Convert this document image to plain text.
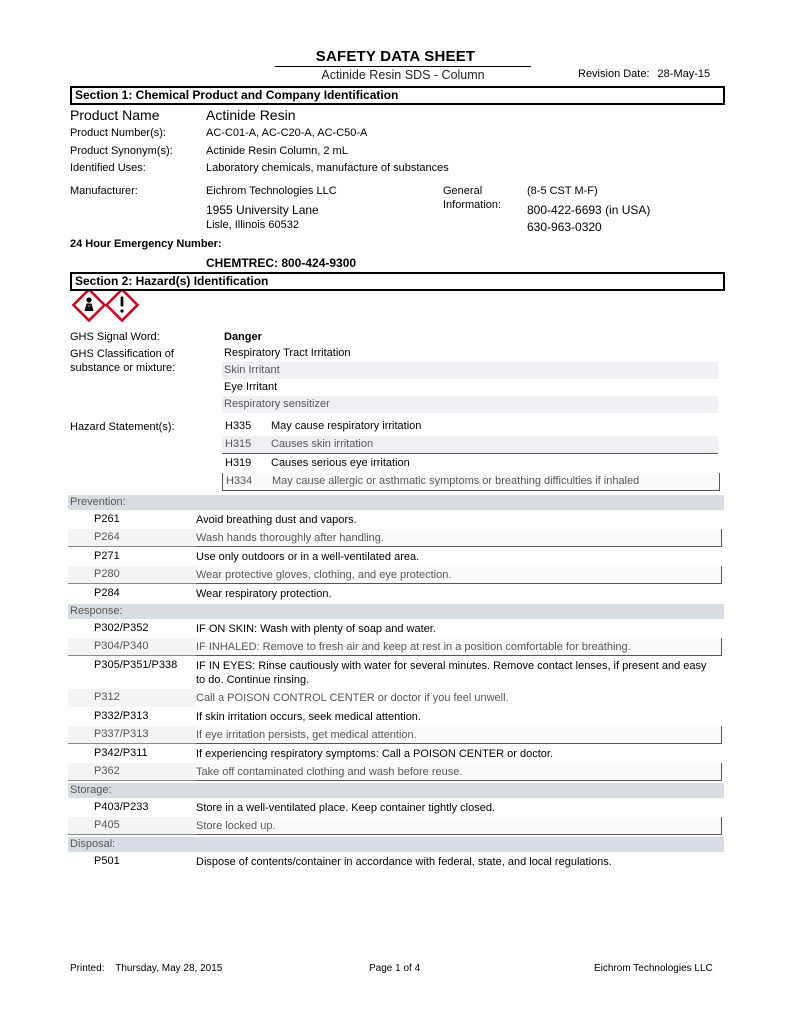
SAFETY DATA SHEET
Actinide Resin SDS - Column	Revision Date: 28-May-15
Section 1: Chemical Product and Company Identification
Product Name	Actinide Resin
Product Number(s):	AC-C01-A, AC-C20-A, AC-C50-A
Product Synonym(s):	Actinide Resin Column, 2 mL
Identified Uses:	Laboratory chemicals, manufacture of substances
Manufacturer:	Eichrom Technologies LLC
1955 University Lane
Lisle, Illinois 60532
General
Information:
(8-5 CST M-F)
800-422-6693 (in USA)
630-963-0320
24 Hour Emergency Number:
CHEMTREC: 800-424-9300
Section 2: Hazard(s) Identification
GHS Signal Word:	Danger
GHS Classification of
substance or mixture:
Respiratory Tract Irritation
Skin Irritant
Eye Irritant
Respiratory sensitizer
Hazard Statement(s):	H335 May cause respiratory irritation
H315 Causes skin irritation
H319 Causes serious eye irritation
H334 May cause allergic or asthmatic symptoms or breathing difficulties if inhaled
Prevention:
P261	Avoid breathing dust and vapors.
P264	Wash hands thoroughly after handling.
P271	Use only outdoors or in a well-ventilated area.
P280	Wear protective gloves, clothing, and eye protection.
P284	Wear respiratory protection.
Response:
P302/P352	IF ON SKIN: Wash with plenty of soap and water.
P304/P340	IF INHALED: Remove to fresh air and keep at rest in a position comfortable for breathing.
P305/P351/P338 IF IN EYES: Rinse cautiously with water for several minutes. Remove contact lenses, if present and easy to do. Continue rinsing.
P312	Call a POISON CONTROL CENTER or doctor if you feel unwell.
P332/P313	If skin irritation occurs, seek medical attention.
P337/P313	If eye irritation persists, get medical attention.
P342/P311	If experiencing respiratory symptoms: Call a POISON CENTER or doctor.
P362	Take off contaminated clothing and wash before reuse.
Storage:
P403/P233	Store in a well-ventilated place. Keep container tightly closed.
P405	Store locked up.
Disposal:
P501	Dispose of contents/container in accordance with federal, state, and local regulations.
Printed: Thursday, May 28, 2015	Page 1 of 4	Eichrom Technologies LLC
